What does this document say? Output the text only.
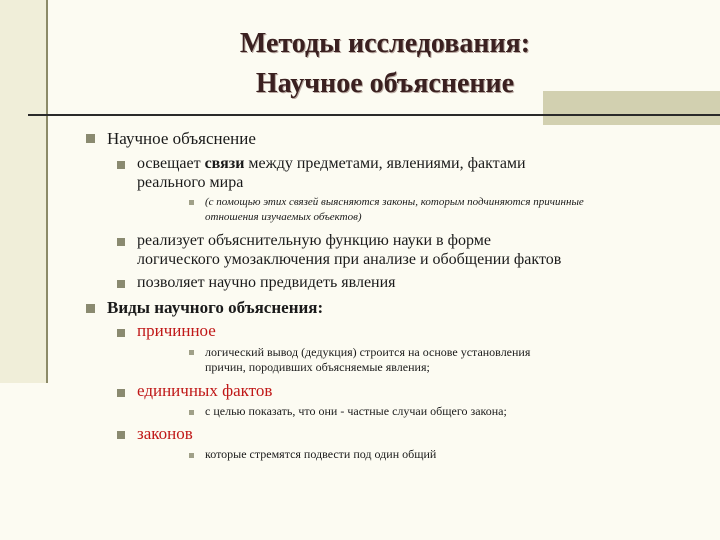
Методы исследования:
Научное объяснение
Научное объяснение
освещает связи между предметами, явлениями, фактами
реального мира
(с помощью этих связей выясняются законы, которым подчиняются причинные
отношения изучаемых объектов)
реализует объяснительную функцию науки в форме
логического умозаключения при анализе и обобщении фактов
позволяет научно предвидеть явления
Виды научного объяснения:
причинное
логический вывод (дедукция) строится на основе установления
причин, породивших объясняемые явления;
единичных фактов
с целью показать, что они - частные случаи общего закона;
законов
которые стремятся подвести под один общий
